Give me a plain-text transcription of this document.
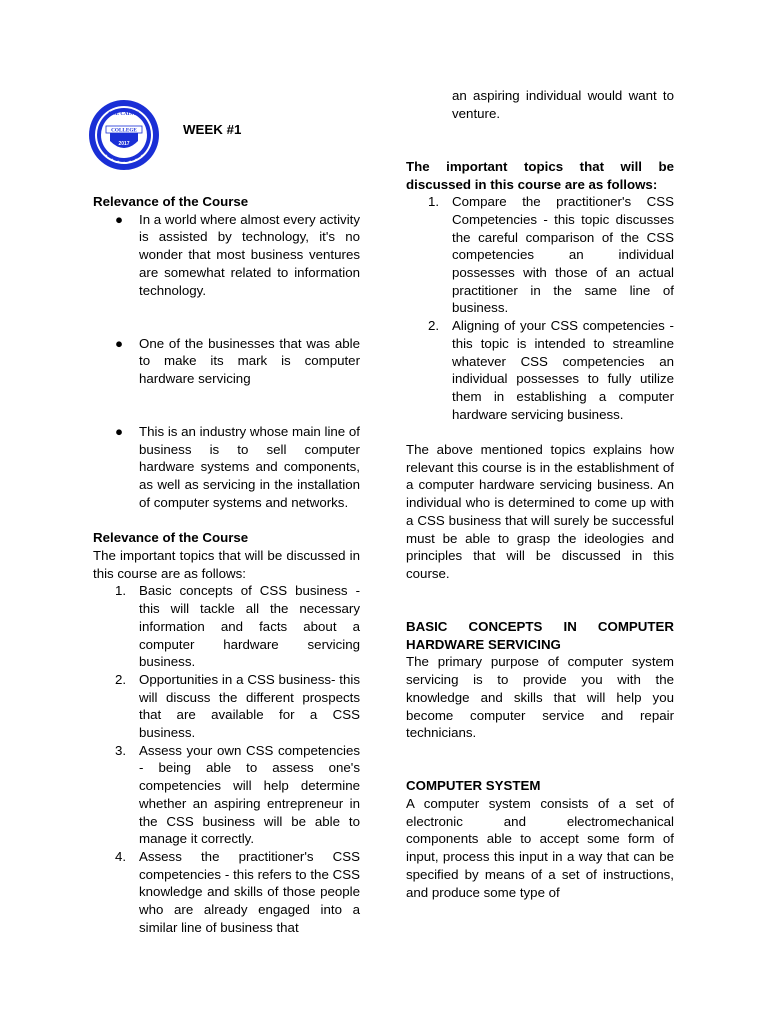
COLLEGE
ONE CAINTA
2017
★
★ ★ ★ ★ ★
★
WEEK #1

Relevance of the Course

● In a world where almost every activity is assisted by technology, it's no wonder that most business ventures are somewhat related to information technology.
● One of the businesses that was able to make its mark is computer hardware servicing
● This is an industry whose main line of business is to sell computer hardware systems and components, as well as servicing in the installation of computer systems and networks.

Relevance of the Course

The important topics that will be discussed in this course are as follows:

1. Basic concepts of CSS business - this will tackle all the necessary information and facts about a computer hardware servicing business.
2. Opportunities in a CSS business- this will discuss the different prospects that are available for a CSS business.
3. Assess your own CSS competencies - being able to assess one's competencies will help determine whether an aspiring entrepreneur in the CSS business will be able to manage it correctly.
4. Assess the practitioner's CSS competencies - this refers to the CSS knowledge and skills of those people who are already engaged into a similar line of business that
an aspiring individual would want to venture.

The important topics that will be discussed in this course are as follows:

1. Compare the practitioner's CSS Competencies - this topic discusses the careful comparison of the CSS competencies an individual possesses with those of an actual practitioner in the same line of business.
2. Aligning of your CSS competencies - this topic is intended to streamline whatever CSS competencies an individual possesses to fully utilize them in establishing a computer hardware servicing business.

The above mentioned topics explains how relevant this course is in the establishment of a computer hardware servicing business. An individual who is determined to come up with a CSS business that will surely be successful must be able to grasp the ideologies and principles that will be discussed in this course.

BASIC CONCEPTS IN COMPUTER HARDWARE SERVICING

The primary purpose of computer system servicing is to provide you with the knowledge and skills that will help you become computer service and repair technicians.

COMPUTER SYSTEM

A computer system consists of a set of electronic and electromechanical components able to accept some form of input, process this input in a way that can be specified by means of a set of instructions, and produce some type of
